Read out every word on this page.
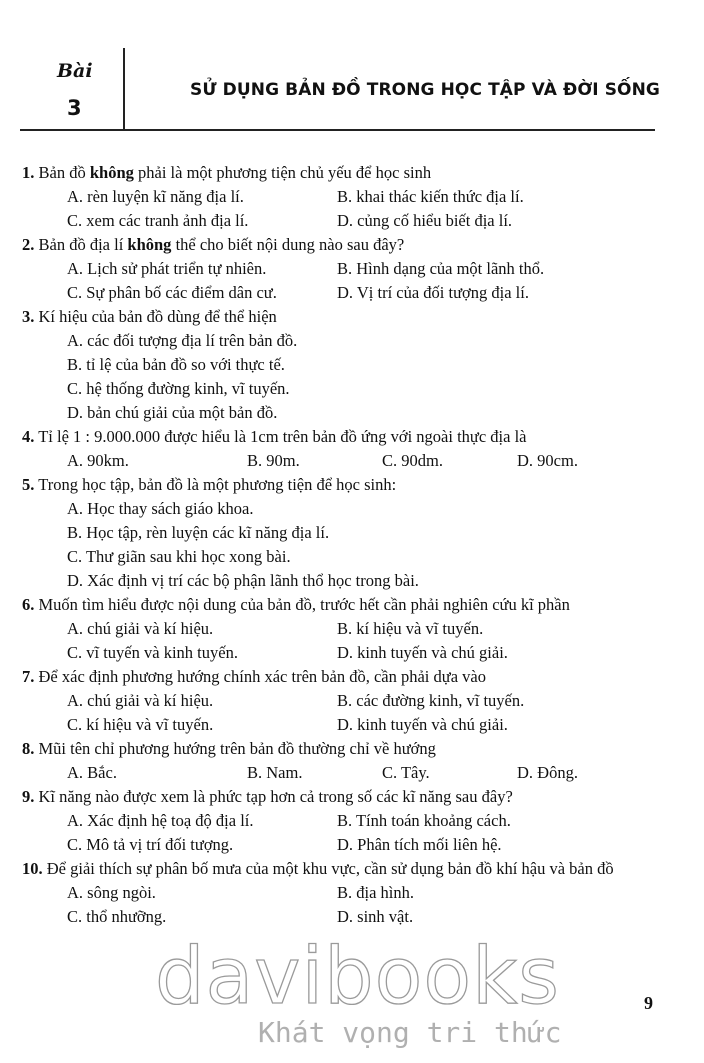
Bài
3
SỬ DỤNG BẢN ĐỒ TRONG HỌC TẬP VÀ ĐỜI SỐNG
1. Bản đồ không phải là một phương tiện chủ yếu để học sinh
A. rèn luyện kĩ năng địa lí.	B. khai thác kiến thức địa lí.
C. xem các tranh ảnh địa lí.	D. củng cố hiểu biết địa lí.
2. Bản đồ địa lí không thể cho biết nội dung nào sau đây?
A. Lịch sử phát triển tự nhiên.	B. Hình dạng của một lãnh thổ.
C. Sự phân bố các điểm dân cư.	D. Vị trí của đối tượng địa lí.
3. Kí hiệu của bản đồ dùng để thể hiện
A. các đối tượng địa lí trên bản đồ.
B. tỉ lệ của bản đồ so với thực tế.
C. hệ thống đường kinh, vĩ tuyến.
D. bản chú giải của một bản đồ.
4. Tỉ lệ 1 : 9.000.000 được hiểu là 1cm trên bản đồ ứng với ngoài thực địa là
A. 90km.	B. 90m.	C. 90dm.	D. 90cm.
5. Trong học tập, bản đồ là một phương tiện để học sinh:
A. Học thay sách giáo khoa.
B. Học tập, rèn luyện các kĩ năng địa lí.
C. Thư giãn sau khi học xong bài.
D. Xác định vị trí các bộ phận lãnh thổ học trong bài.
6. Muốn tìm hiểu được nội dung của bản đồ, trước hết cần phải nghiên cứu kĩ phần
A. chú giải và kí hiệu.	B. kí hiệu và vĩ tuyến.
C. vĩ tuyến và kinh tuyến.	D. kinh tuyến và chú giải.
7. Để xác định phương hướng chính xác trên bản đồ, cần phải dựa vào
A. chú giải và kí hiệu.	B. các đường kinh, vĩ tuyến.
C. kí hiệu và vĩ tuyến.	D. kinh tuyến và chú giải.
8. Mũi tên chỉ phương hướng trên bản đồ thường chỉ về hướng
A. Bắc.	B. Nam.	C. Tây.	D. Đông.
9. Kĩ năng nào được xem là phức tạp hơn cả trong số các kĩ năng sau đây?
A. Xác định hệ toạ độ địa lí.	B. Tính toán khoảng cách.
C. Mô tả vị trí đối tượng.	D. Phân tích mối liên hệ.
10. Để giải thích sự phân bố mưa của một khu vực, cần sử dụng bản đồ khí hậu và bản đồ
A. sông ngòi.	B. địa hình.
C. thổ nhưỡng.	D. sinh vật.
davibooks
Khát vọng tri thức
9
